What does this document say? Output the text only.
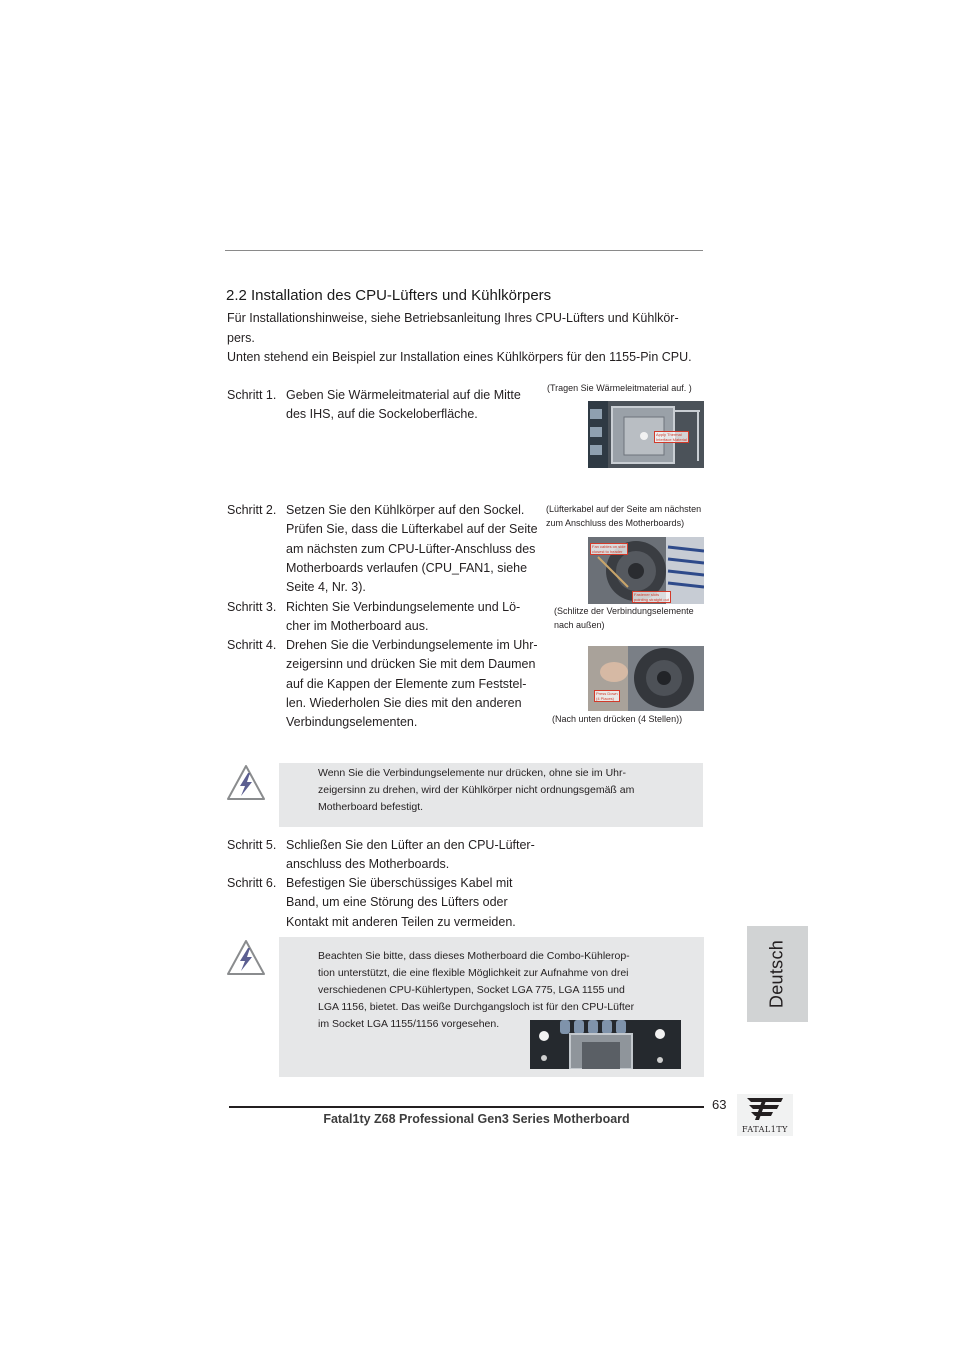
2.2 Installation des CPU-Lüfters und Kühlkörpers

Für Installationshinweise, siehe Betriebsanleitung Ihres CPU-Lüfters und Kühlkör-

pers.

Unten stehend ein Beispiel zur Installation eines Kühlkörpers für den 1155-Pin CPU.

Schritt 1. Geben Sie Wärmeleitmaterial auf die Mitte
des IHS, auf die Sockeloberfläche.
Schritt 2. Setzen Sie den Kühlkörper auf den Sockel.
Prüfen Sie, dass die Lüfterkabel auf der Seite
am nächsten zum CPU-Lüfter-Anschluss des
Motherboards verlaufen (CPU_FAN1, siehe
Seite 4, Nr. 3).
Schritt 3. Richten Sie Verbindungselemente und Lö-
cher im Motherboard aus.
Schritt 4. Drehen Sie die Verbindungselemente im Uhr-
zeigersinn und drücken Sie mit dem Daumen
auf die Kappen der Elemente zum Feststel-
len. Wiederholen Sie dies mit den anderen
Verbindungselementen.
(Tragen Sie Wärmeleitmaterial auf. )
(Lüfterkabel auf der Seite am nächsten
zum Anschluss des Motherboards)
(Schlitze der Verbindungselemente
nach außen)
(Nach unten drücken (4 Stellen))
Apply Thermal
Interface Material
Fan cables on side
closest to header
Fastener slots
pointing straight out
Press Down
(4 Places)
Wenn Sie die Verbindungselemente nur drücken, ohne sie im Uhr-
zeigersinn zu drehen, wird der Kühlkörper nicht ordnungsgemäß am
Motherboard befestigt.
Schritt 5. Schließen Sie den Lüfter an den CPU-Lüfter-
anschluss des Motherboards.
Schritt 6. Befestigen Sie überschüssiges Kabel mit
Band, um eine Störung des Lüfters oder
Kontakt mit anderen Teilen zu vermeiden.
Beachten Sie bitte, dass dieses Motherboard die Combo-Kühlerop-
tion unterstützt, die eine flexible Möglichkeit zur Aufnahme von drei
verschiedenen CPU-Kühlertypen, Socket LGA 775, LGA 1155 und
LGA 1156, bietet. Das weiße Durchgangsloch ist für den CPU-Lüfter
im Socket LGA 1155/1156 vorgesehen.
Deutsch
63
Fatal1ty Z68 Professional Gen3 Series Motherboard
FATAL1TY
